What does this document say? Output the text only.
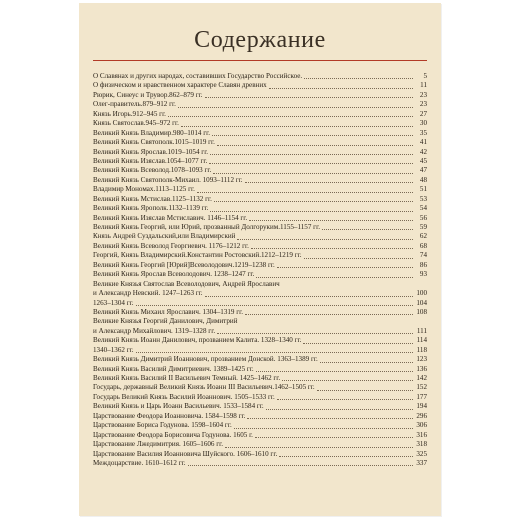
Содержание
О Славянах и других народах, составивших Государство Российское.	5
О физическом и нравственном характере Славян древних	11
Рюрик, Синеус и Трувор.862–879 гг.	23
Олег-правитель.879–912 гг.	23
Князь Игорь.912–945 гг.	27
Князь Святослав.945–972 гг.	30
Великий Князь Владимир.980–1014 гг.	35
Великий Князь Святополк.1015–1019 гг.	41
Великий Князь Ярослав.1019–1054 гг.	42
Великий Князь Изяслав.1054–1077 гг.	45
Великий Князь Всеволод.1078–1093 гг.	47
Великий Князь Святополк-Михаил. 1093–1112 гг.	48
Владимир Мономах.1113–1125 гг.	51
Великий Князь Мстислав.1125–1132 гг.	53
Великий Князь Ярополк.1132–1139 гг.	54
Великий Князь Изяслав Мстиславич. 1146–1154 гг.	56
Великий Князь Георгий, или Юрий, прозванный Долгоруким.1155–1157 гг.	59
Князь Андрей Суздальский,или Владимирский	62
Великий Князь Всеволод Георгиевич. 1176–1212 гг.	68
Георгий, Князь Владимирский.Константин Ростовский.1212–1219 гг.	74
Великий Князь Георгий [Юрий]Всеволодович.1219–1238 гг.	86
Великий Князь Ярослав Всеволодович. 1238–1247 гг.	93
Великие Князья Святослав Всеволодович, Андрей Ярославич
и Александр Невский. 1247–1263 гг.	100
1263–1304 гг.	104
Великий Князь Михаил Ярославич. 1304–1319 гг.	108
Великие Князья Георгий Данилович, Димитрий
и Александр Михайлович. 1319–1328 гг.	111
Великий Князь Иоанн Данилович, прозванием Калита. 1328–1340 гг.	114
1340–1362 гг.	118
Великий Князь Димитрий Иоаннович, прозванием Донской. 1363–1389 гг.	123
Великий Князь Василий Димитриевич. 1389–1425 гг.	136
Великий Князь Василий II Васильевич Темный. 1425–1462 гг.	142
Государь, державный Великий Князь Иоанн III Васильевич.1462–1505 гг.	152
Государь Великий Князь Василий Иоаннович. 1505–1533 гг.	177
Великий Князь и Царь Иоанн Васильевич. 1533–1584 гг.	194
Царствование Феодора Иоанновича. 1584–1598 гг.	296
Царствование Бориса Годунова. 1598–1604 гг.	306
Царствование Феодора Борисовича Годунова. 1605 г.	316
Царствование Лжедимитрия. 1605–1606 гг.	318
Царствование Василия Иоанновича Шуйского. 1606–1610 гг.	325
Междоцарствие. 1610–1612 гг.	337
